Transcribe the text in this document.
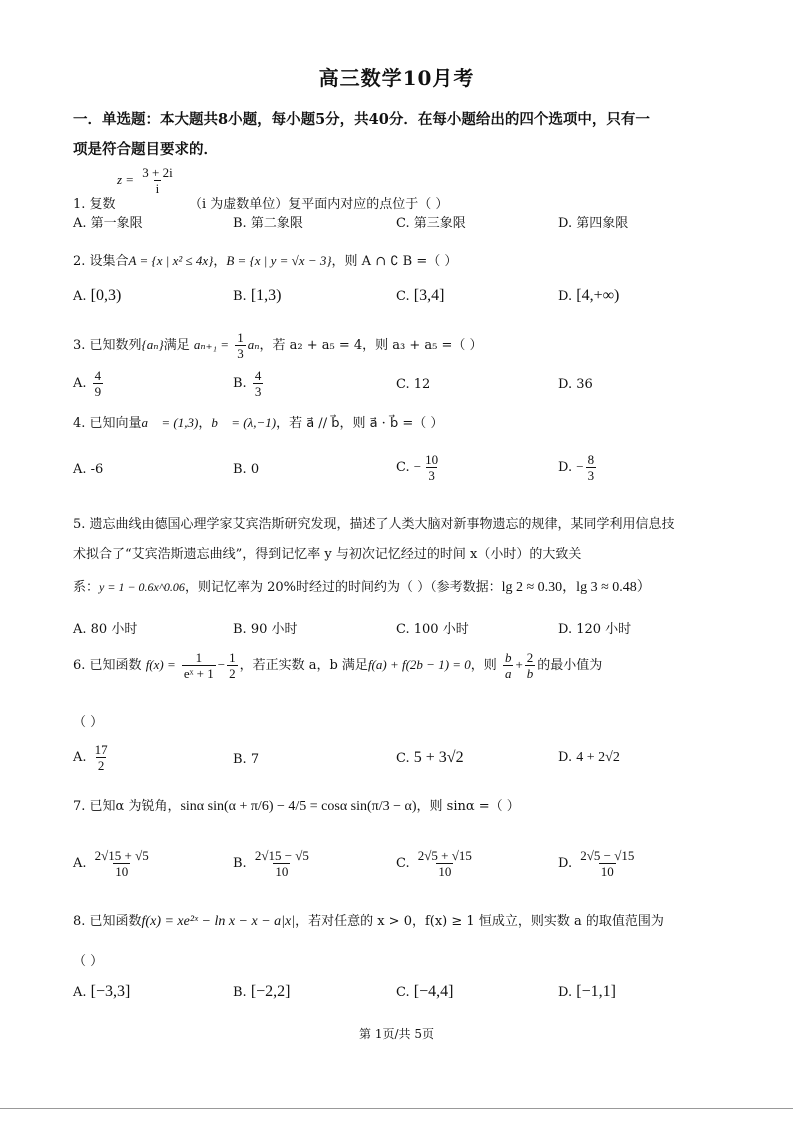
高三数学10月考
一．单选题：本大题共8小题，每小题5分，共40分．在每小题给出的四个选项中，只有一
项是符合题目要求的．
$z = \frac{3 + 2i}{i}$
1. 复数	（i 为虚数单位）复平面内对应的点位于（ ）
A. 第一象限	B. 第二象限	C. 第三象限	D. 第四象限
2. 设集合A = {x | x² ≤ 4x}，B = {x | y = √x − 3}，则 A ∩ ∁ B =（ ）
A. [0,3)	B. [1,3)	C. [3,4]	D. [4,+∞)
3. 已知数列{aₙ}满足 $a_{n+1} = \frac{1}{3}$ aₙ，若 a₂ + a₅ = 4，则 a₃ + a₅ =（ ）
A. $\frac{4}{9}$	B. $\frac{4}{3}$	C. 12	D. 36
4. 已知向量a⃗ = (1,3)，b⃗ = (λ,−1)，若 a⃗ // b⃗，则 a⃗ · b⃗ =（ ）
A. -6	B. 0	C. − $\frac{10}{3}$	D. − $\frac{8}{3}$
5. 遗忘曲线由德国心理学家艾宾浩斯研究发现，描述了人类大脑对新事物遗忘的规律，某同学利用信息技
术拟合了“艾宾浩斯遗忘曲线”，得到记忆率 y 与初次记忆经过的时间 x（小时）的大致关
系：y = 1 − 0.6x^0.06，则记忆率为 20%时经过的时间约为（ ）（参考数据：lg 2 ≈ 0.30，lg 3 ≈ 0.48）
A. 80 小时	B. 90 小时	C. 100 小时	D. 120 小时
6. 已知函数 $f(x) = \frac{1}{\text{eˣ + 1}} - \frac{1}{2}$ ，若正实数 a，b 满足f(a) + f(2b − 1) = 0，则 $\frac{b}{a} + \frac{2}{b}$ 的最小值为
（ ）
A. $\frac{17}{2}$	B. 7	C. 5 + 3√2	D. 4 + 2√2
7. 已知α 为锐角，sinα sin(α + π/6) − 4/5 = cosα sin(π/3 − α)，则 sinα =（ ）
A. $\frac{2√15 + √5}{10}$	B. $\frac{2√15 - √5}{10}$	C. $\frac{2√5 + √15}{10}$	D. $\frac{2√5 - √15}{10}$
8. 已知函数f(x) = xe²ˣ − ln x − x − a|x|，若对任意的 x > 0，f(x) ≥ 1 恒成立，则实数 a 的取值范围为
（ ）
A. [−3,3]	B. [−2,2]	C. [−4,4]	D. [−1,1]
第 1页/共 5页
